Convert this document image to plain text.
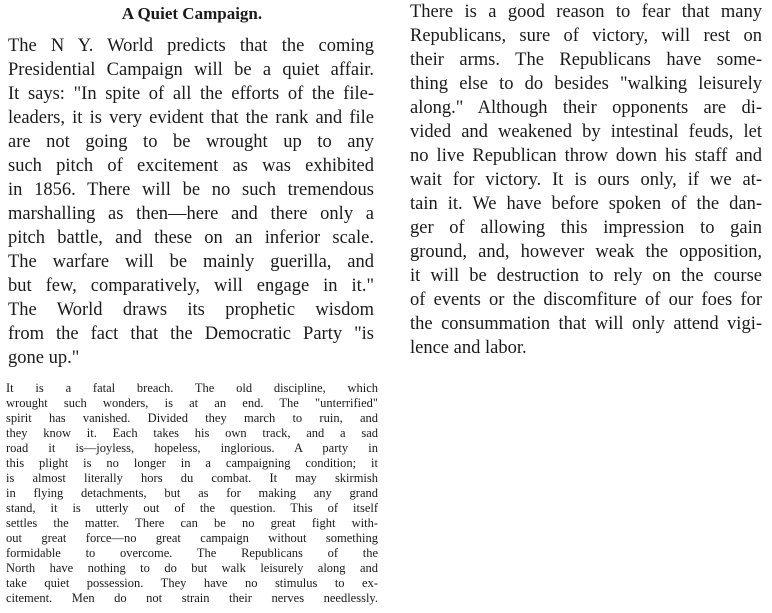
A Quiet Campaign.
The N Y. World predicts that the coming
Presidential Campaign will be a quiet affair.
It says: "In spite of all the efforts of the file-
leaders, it is very evident that the rank and file
are not going to be wrought up to any
such pitch of excitement as was exhibited
in 1856. There will be no such tremendous
marshalling as then—here and there only a
pitch battle, and these on an inferior scale.
The warfare will be mainly guerilla, and
but few, comparatively, will engage in it."
The World draws its prophetic wisdom
from the fact that the Democratic Party "is
gone up."
It is a fatal breach. The old discipline, which
wrought such wonders, is at an end. The "unterrified"
spirit has vanished. Divided they march to ruin, and
they know it. Each takes his own track, and a sad
road it is—joyless, hopeless, inglorious. A party in
this plight is no longer in a campaigning condition; it
is almost literally hors du combat. It may skirmish
in flying detachments, but as for making any grand
stand, it is utterly out of the question. This of itself
settles the matter. There can be no great fight with-
out great force—no great campaign without something
formidable to overcome. The Republicans of the
North have nothing to do but walk leisurely along and
take quiet possession. They have no stimulus to ex-
citement. Men do not strain their nerves needlessly.
There is a good reason to fear that many
Republicans, sure of victory, will rest on
their arms. The Republicans have some-
thing else to do besides "walking leisurely
along." Although their opponents are di-
vided and weakened by intestinal feuds, let
no live Republican throw down his staff and
wait for victory. It is ours only, if we at-
tain it. We have before spoken of the dan-
ger of allowing this impression to gain
ground, and, however weak the opposition,
it will be destruction to rely on the course
of events or the discomfiture of our foes for
the consummation that will only attend vigi-
lence and labor.
